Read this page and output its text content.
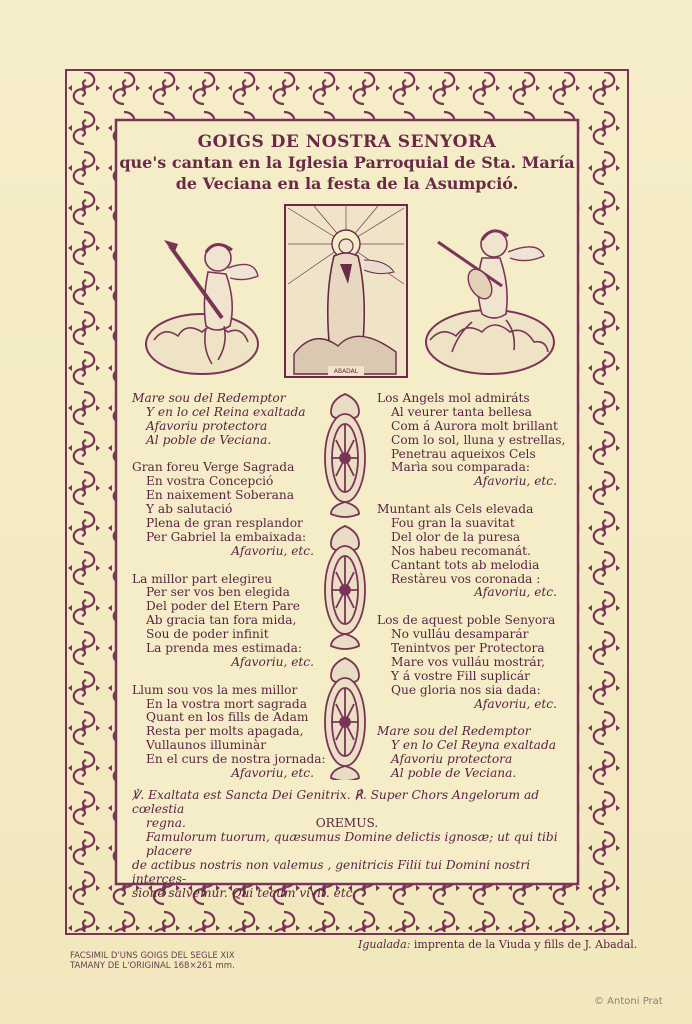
GOIGS DE NOSTRA SENYORA
que's cantan en la Iglesia Parroquial de Sta. María
de Veciana en la festa de la Asumpció.
ABADAL
Mare sou del Redemptor
Y en lo cel Reina exaltada
Afavoriu protectora
Al poble de Veciana.
Gran foreu Verge Sagrada
En vostra Concepció
En naixement Soberana
Y ab salutació
Plena de gran resplandor
Per Gabriel la embaixada:
Afavoriu, etc.
La millor part elegireu
Per ser vos ben elegida
Del poder del Etern Pare
Ab gracia tan fora mida,
Sou de poder infinit
La prenda mes estimada:
Afavoriu, etc.
Llum sou vos la mes millor
En la vostra mort sagrada
Quant en los fills de Adam
Resta per molts apagada,
Vullaunos illuminàr
En el curs de nostra jornada:
Afavoriu, etc.
Los Angels mol admiráts
Al veurer tanta bellesa
Com á Aurora molt brillant
Com lo sol, lluna y estrellas,
Penetrau aqueixos Cels
Marìa sou comparada:
Afavoriu, etc.
Muntant als Cels elevada
Fou gran la suavitat
Del olor de la puresa
Nos habeu recomanát.
Cantant tots ab melodia
Restàreu vos coronada :
Afavoriu, etc.
Los de aquest poble Senyora
No vulláu desamparár
Tenintvos per Protectora
Mare vos vulláu mostrár,
Y á vostre Fill suplicár
Que gloria nos sia dada:
Afavoriu, etc.
Mare sou del Redemptor
Y en lo Cel Reyna exaltada
Afavoriu protectora
Al poble de Veciana.
℣. Exaltata est Sancta Dei Genitrix. ℟. Super Chors Angelorum ad cœlestia
regna.	OREMUS.
Famulorum tuorum, quæsumus Domine delictis ignosæ; ut qui tibi placere
de actibus nostris non valemus , genitricis Filii tui Domini nostri interces-
sione salvemur. Qui tecum vivit. etc.
FACSIMIL D'UNS GOIGS DEL SEGLE XIX
TAMANY DE L'ORIGINAL 168×261 mm.
Igualada: imprenta de la Viuda y fills de J. Abadal.
© Antoni Prat
